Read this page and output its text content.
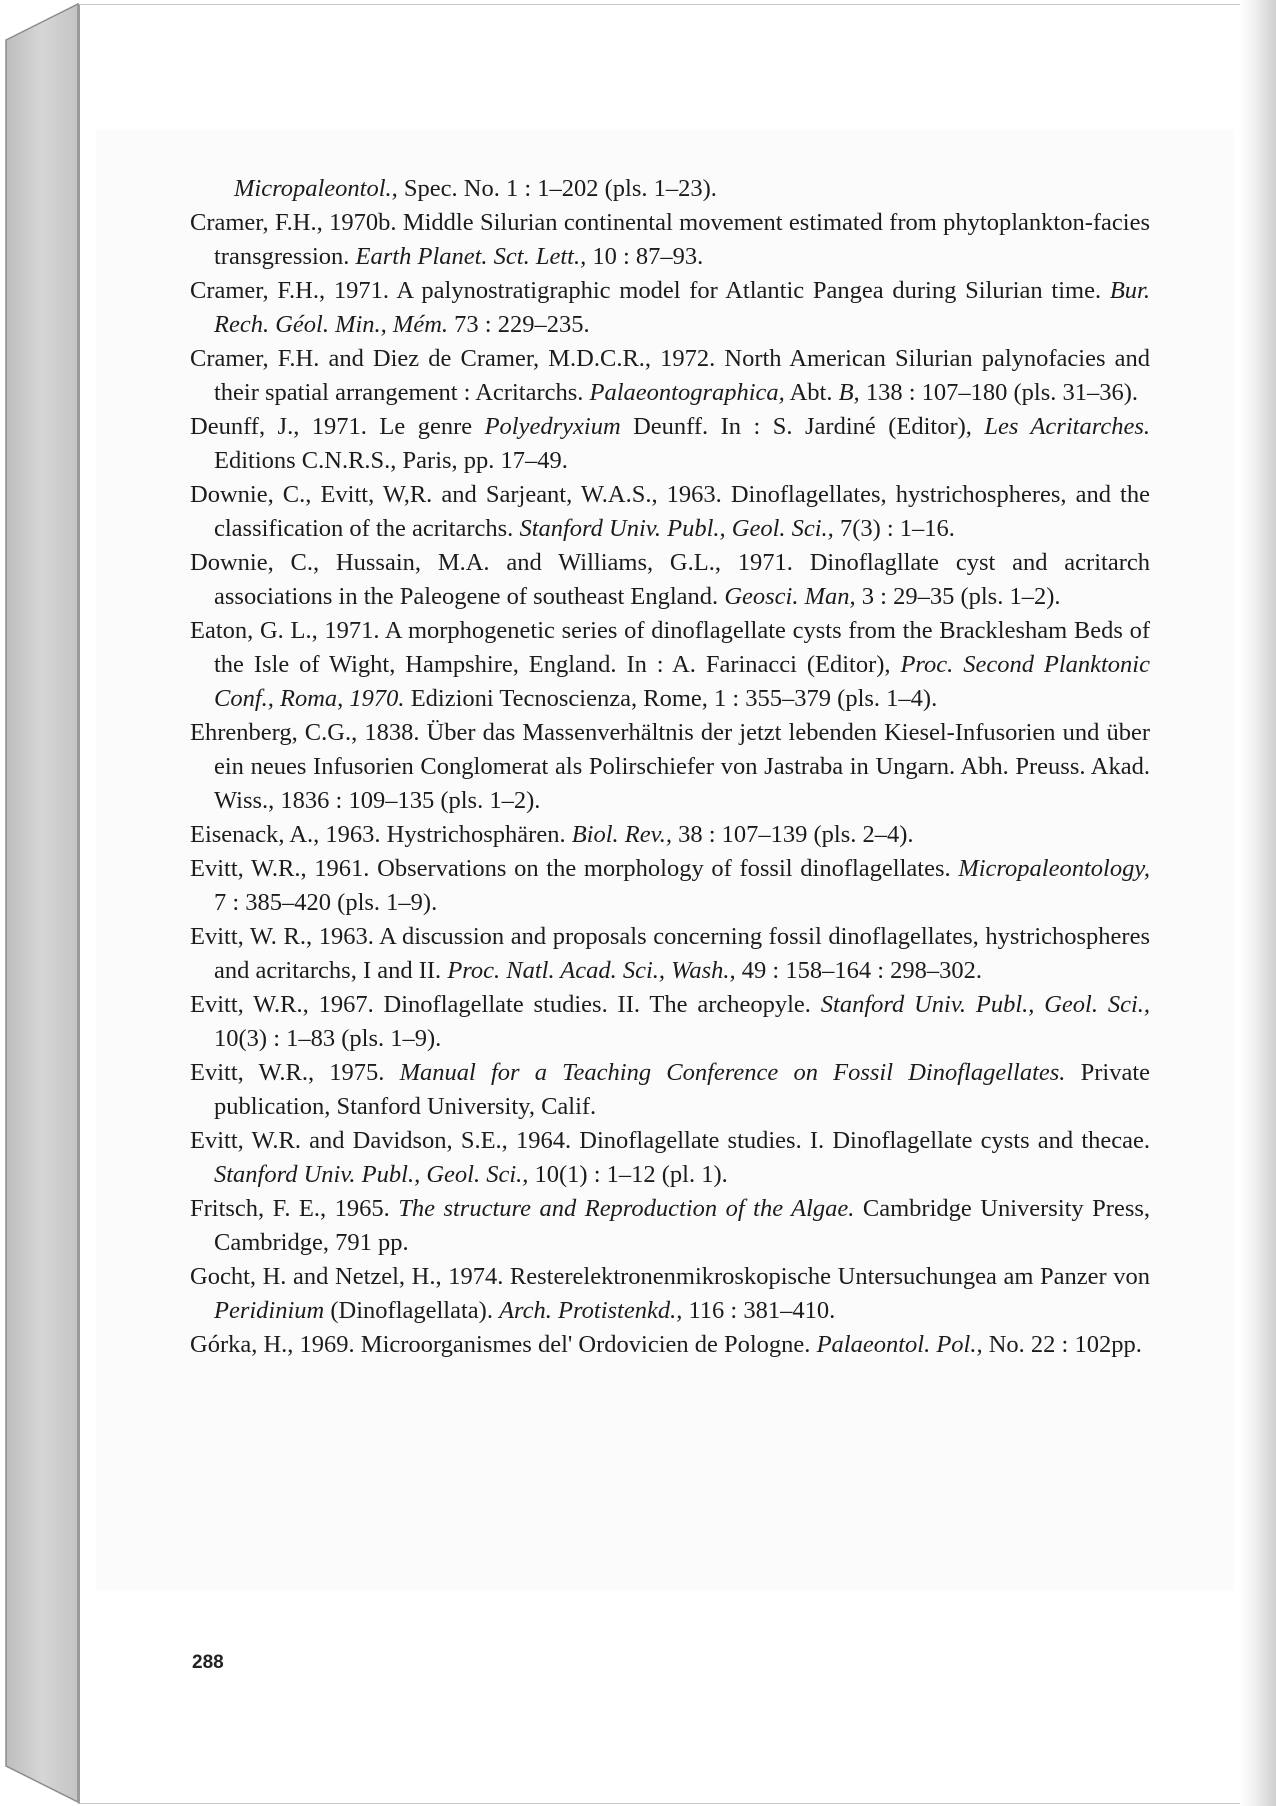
Micropaleontol., Spec. No. 1 : 1–202 (pls. 1–23).

Cramer, F.H., 1970b. Middle Silurian continental movement estimated from phytoplankton-facies transgression. Earth Planet. Sct. Lett., 10 : 87–93.

Cramer, F.H., 1971. A palynostratigraphic model for Atlantic Pangea during Silurian time. Bur. Rech. Géol. Min., Mém. 73 : 229–235.

Cramer, F.H. and Diez de Cramer, M.D.C.R., 1972. North American Silurian palynofacies and their spatial arrangement : Acritarchs. Palaeontographica, Abt. B, 138 : 107–180 (pls. 31–36).

Deunff, J., 1971. Le genre Polyedryxium Deunff. In : S. Jardiné (Editor), Les Acritarches. Editions C.N.R.S., Paris, pp. 17–49.

Downie, C., Evitt, W,R. and Sarjeant, W.A.S., 1963. Dinoflagellates, hystrichospheres, and the classification of the acritarchs. Stanford Univ. Publ., Geol. Sci., 7(3) : 1–16.

Downie, C., Hussain, M.A. and Williams, G.L., 1971. Dinoflagllate cyst and acritarch associations in the Paleogene of southeast England. Geosci. Man, 3 : 29–35 (pls. 1–2).

Eaton, G. L., 1971. A morphogenetic series of dinoflagellate cysts from the Bracklesham Beds of the Isle of Wight, Hampshire, England. In : A. Farinacci (Editor), Proc. Second Planktonic Conf., Roma, 1970. Edizioni Tecnoscienza, Rome, 1 : 355–379 (pls. 1–4).

Ehrenberg, C.G., 1838. Über das Massenverhältnis der jetzt lebenden Kiesel-Infusorien und über ein neues Infusorien Conglomerat als Polirschiefer von Jastraba in Ungarn. Abh. Preuss. Akad. Wiss., 1836 : 109–135 (pls. 1–2).

Eisenack, A., 1963. Hystrichosphären. Biol. Rev., 38 : 107–139 (pls. 2–4).

Evitt, W.R., 1961. Observations on the morphology of fossil dinoflagellates. Micropaleontology, 7 : 385–420 (pls. 1–9).

Evitt, W. R., 1963. A discussion and proposals concerning fossil dinoflagellates, hystrichospheres and acritarchs, I and II. Proc. Natl. Acad. Sci., Wash., 49 : 158–164 : 298–302.

Evitt, W.R., 1967. Dinoflagellate studies. II. The archeopyle. Stanford Univ. Publ., Geol. Sci., 10(3) : 1–83 (pls. 1–9).

Evitt, W.R., 1975. Manual for a Teaching Conference on Fossil Dinoflagellates. Private publication, Stanford University, Calif.

Evitt, W.R. and Davidson, S.E., 1964. Dinoflagellate studies. I. Dinoflagellate cysts and thecae. Stanford Univ. Publ., Geol. Sci., 10(1) : 1–12 (pl. 1).

Fritsch, F. E., 1965. The structure and Reproduction of the Algae. Cambridge University Press, Cambridge, 791 pp.

Gocht, H. and Netzel, H., 1974. Resterelektronenmikroskopische Untersuchungea am Panzer von Peridinium (Dinoflagellata). Arch. Protistenkd., 116 : 381–410.

Górka, H., 1969. Microorganismes del' Ordovicien de Pologne. Palaeontol. Pol., No. 22 : 102pp.

288
